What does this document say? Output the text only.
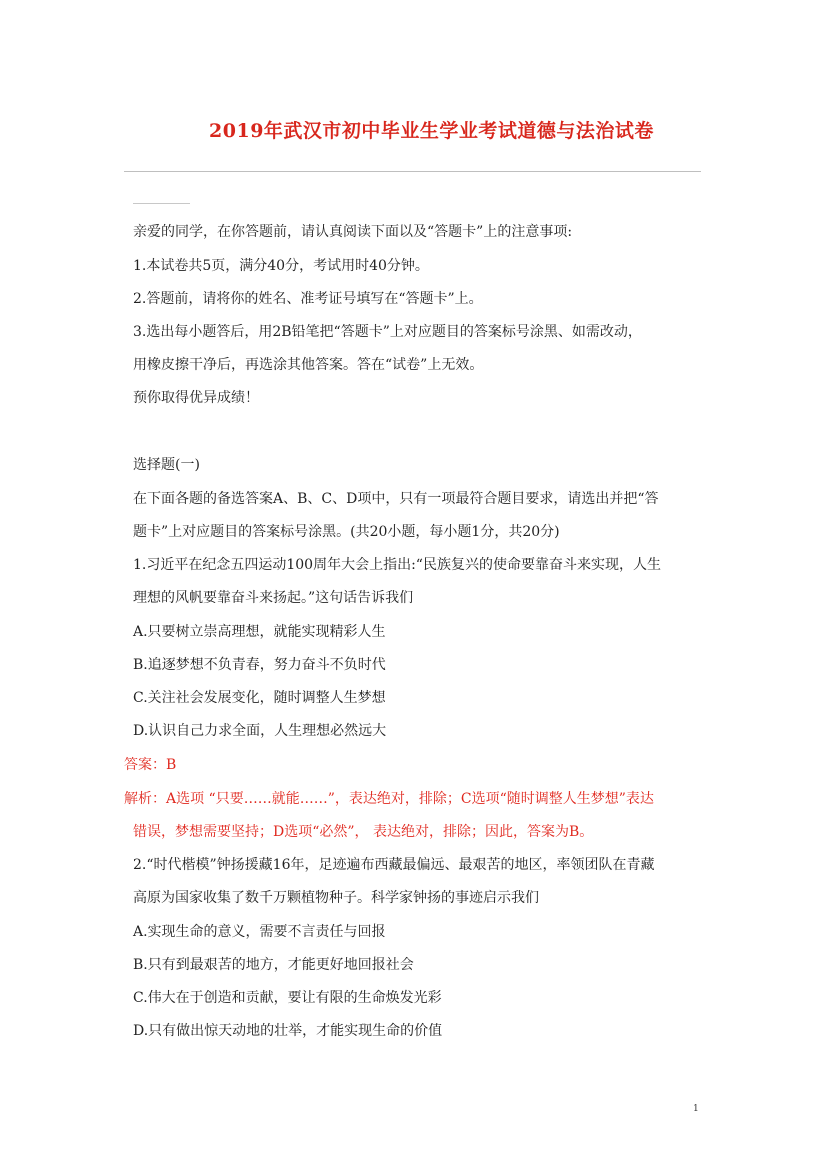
2019年武汉市初中毕业生学业考试道德与法治试卷
亲爱的同学，在你答题前，请认真阅读下面以及“答题卡”上的注意事项:
1.本试卷共5页，满分40分，考试用时40分钟。
2.答题前，请将你的姓名、准考证号填写在“答题卡”上。
3.选出每小题答后，用2B铅笔把“答题卡”上对应题目的答案标号涂黑、如需改动，
用橡皮擦干净后，再选涂其他答案。答在“试卷”上无效。
预你取得优异成绩！
选择题(一)
在下面各题的备选答案A、B、C、D项中，只有一项最符合题目要求，请选出并把“答
题卡”上对应题目的答案标号涂黑。(共20小题，每小题1分，共20分)
1.习近平在纪念五四运动100周年大会上指出:“民族复兴的使命要靠奋斗来实现，人生
理想的风帆要靠奋斗来扬起。”这句话告诉我们
A.只要树立崇高理想，就能实现精彩人生
B.追逐梦想不负青春，努力奋斗不负时代
C.关注社会发展变化，随时调整人生梦想
D.认识自己力求全面，人生理想必然远大
答案：B
解析：A选项 “只要……就能……”，表达绝对，排除；C选项“随时调整人生梦想”表达
错误，梦想需要坚持；D选项“必然”， 表达绝对，排除；因此，答案为B。
2.“时代楷模”钟扬援藏16年，足迹遍布西藏最偏远、最艰苦的地区，率领团队在青藏
高原为国家收集了数千万颗植物种子。科学家钟扬的事迹启示我们
A.实现生命的意义，需要不言责任与回报
B.只有到最艰苦的地方，才能更好地回报社会
C.伟大在于创造和贡献，要让有限的生命焕发光彩
D.只有做出惊天动地的壮举，才能实现生命的价值
1
